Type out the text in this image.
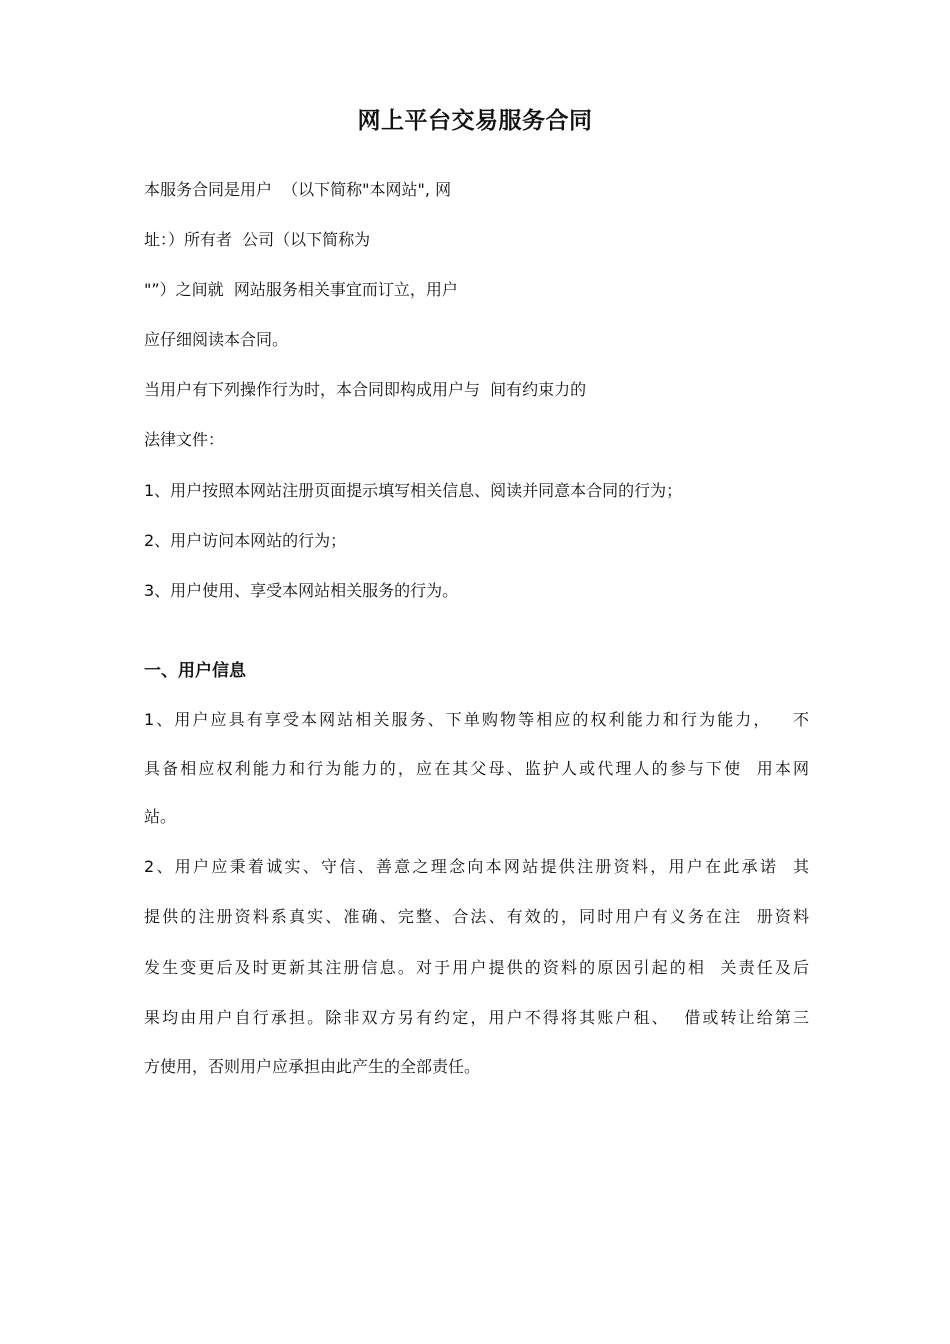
网上平台交易服务合同
本服务合同是用户  （以下简称"本网站", 网
址：）所有者  公司（以下简称为
"”）之间就  网站服务相关事宜而订立，用户
应仔细阅读本合同。
当用户有下列操作行为时，本合同即构成用户与  间有约束力的
法律文件：
1、用户按照本网站注册页面提示填写相关信息、阅读并同意本合同的行为；
2、用户访问本网站的行为；
3、用户使用、享受本网站相关服务的行为。
一、用户信息
1、用户应具有享受本网站相关服务、下单购物等相应的权利能力和行为能力，   不
具备相应权利能力和行为能力的，应在其父母、监护人或代理人的参与下使  用本网
站。
2、用户应秉着诚实、守信、善意之理念向本网站提供注册资料，用户在此承诺  其
提供的注册资料系真实、准确、完整、合法、有效的，同时用户有义务在注  册资料
发生变更后及时更新其注册信息。对于用户提供的资料的原因引起的相  关责任及后
果均由用户自行承担。除非双方另有约定，用户不得将其账户租、  借或转让给第三
方使用，否则用户应承担由此产生的全部责任。
